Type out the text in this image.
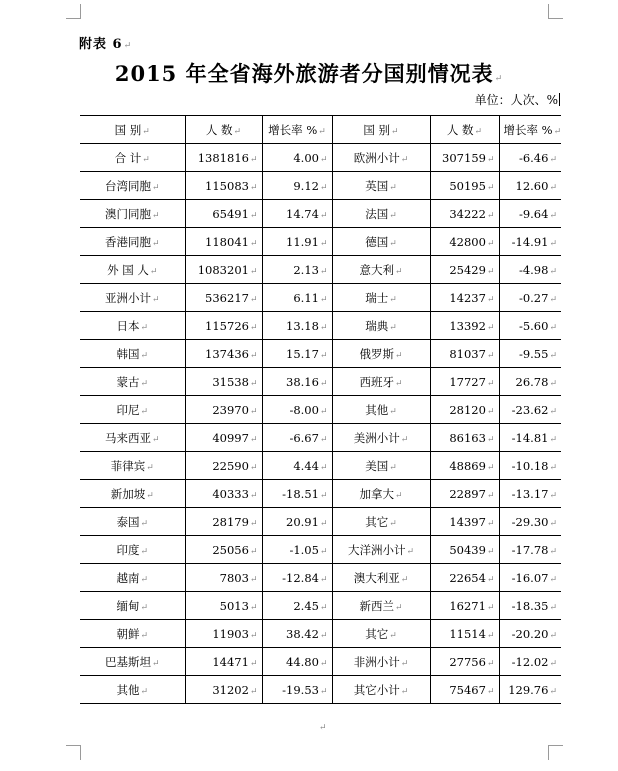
附表 6↵
2015 年全省海外旅游者分国别情况表↵
单位：人次、%
国 别↵	人 数↵	增长率 %↵	国 别↵	人 数↵	增长率 %↵
合 计↵	1381816↵	4.00↵	欧洲小计↵	307159↵	-6.46↵
台湾同胞↵	115083↵	9.12↵	英国↵	50195↵	12.60↵
澳门同胞↵	65491↵	14.74↵	法国↵	34222↵	-9.64↵
香港同胞↵	118041↵	11.91↵	德国↵	42800↵	-14.91↵
外 国 人↵	1083201↵	2.13↵	意大利↵	25429↵	-4.98↵
亚洲小计↵	536217↵	6.11↵	瑞士↵	14237↵	-0.27↵
日本↵	115726↵	13.18↵	瑞典↵	13392↵	-5.60↵
韩国↵	137436↵	15.17↵	俄罗斯↵	81037↵	-9.55↵
蒙古↵	31538↵	38.16↵	西班牙↵	17727↵	26.78↵
印尼↵	23970↵	-8.00↵	其他↵	28120↵	-23.62↵
马来西亚↵	40997↵	-6.67↵	美洲小计↵	86163↵	-14.81↵
菲律宾↵	22590↵	4.44↵	美国↵	48869↵	-10.18↵
新加坡↵	40333↵	-18.51↵	加拿大↵	22897↵	-13.17↵
泰国↵	28179↵	20.91↵	其它↵	14397↵	-29.30↵
印度↵	25056↵	-1.05↵	大洋洲小计↵	50439↵	-17.78↵
越南↵	7803↵	-12.84↵	澳大利亚↵	22654↵	-16.07↵
缅甸↵	5013↵	2.45↵	新西兰↵	16271↵	-18.35↵
朝鲜↵	11903↵	38.42↵	其它↵	11514↵	-20.20↵
巴基斯坦↵	14471↵	44.80↵	非洲小计↵	27756↵	-12.02↵
其他↵	31202↵	-19.53↵	其它小计↵	75467↵	129.76↵
↵
